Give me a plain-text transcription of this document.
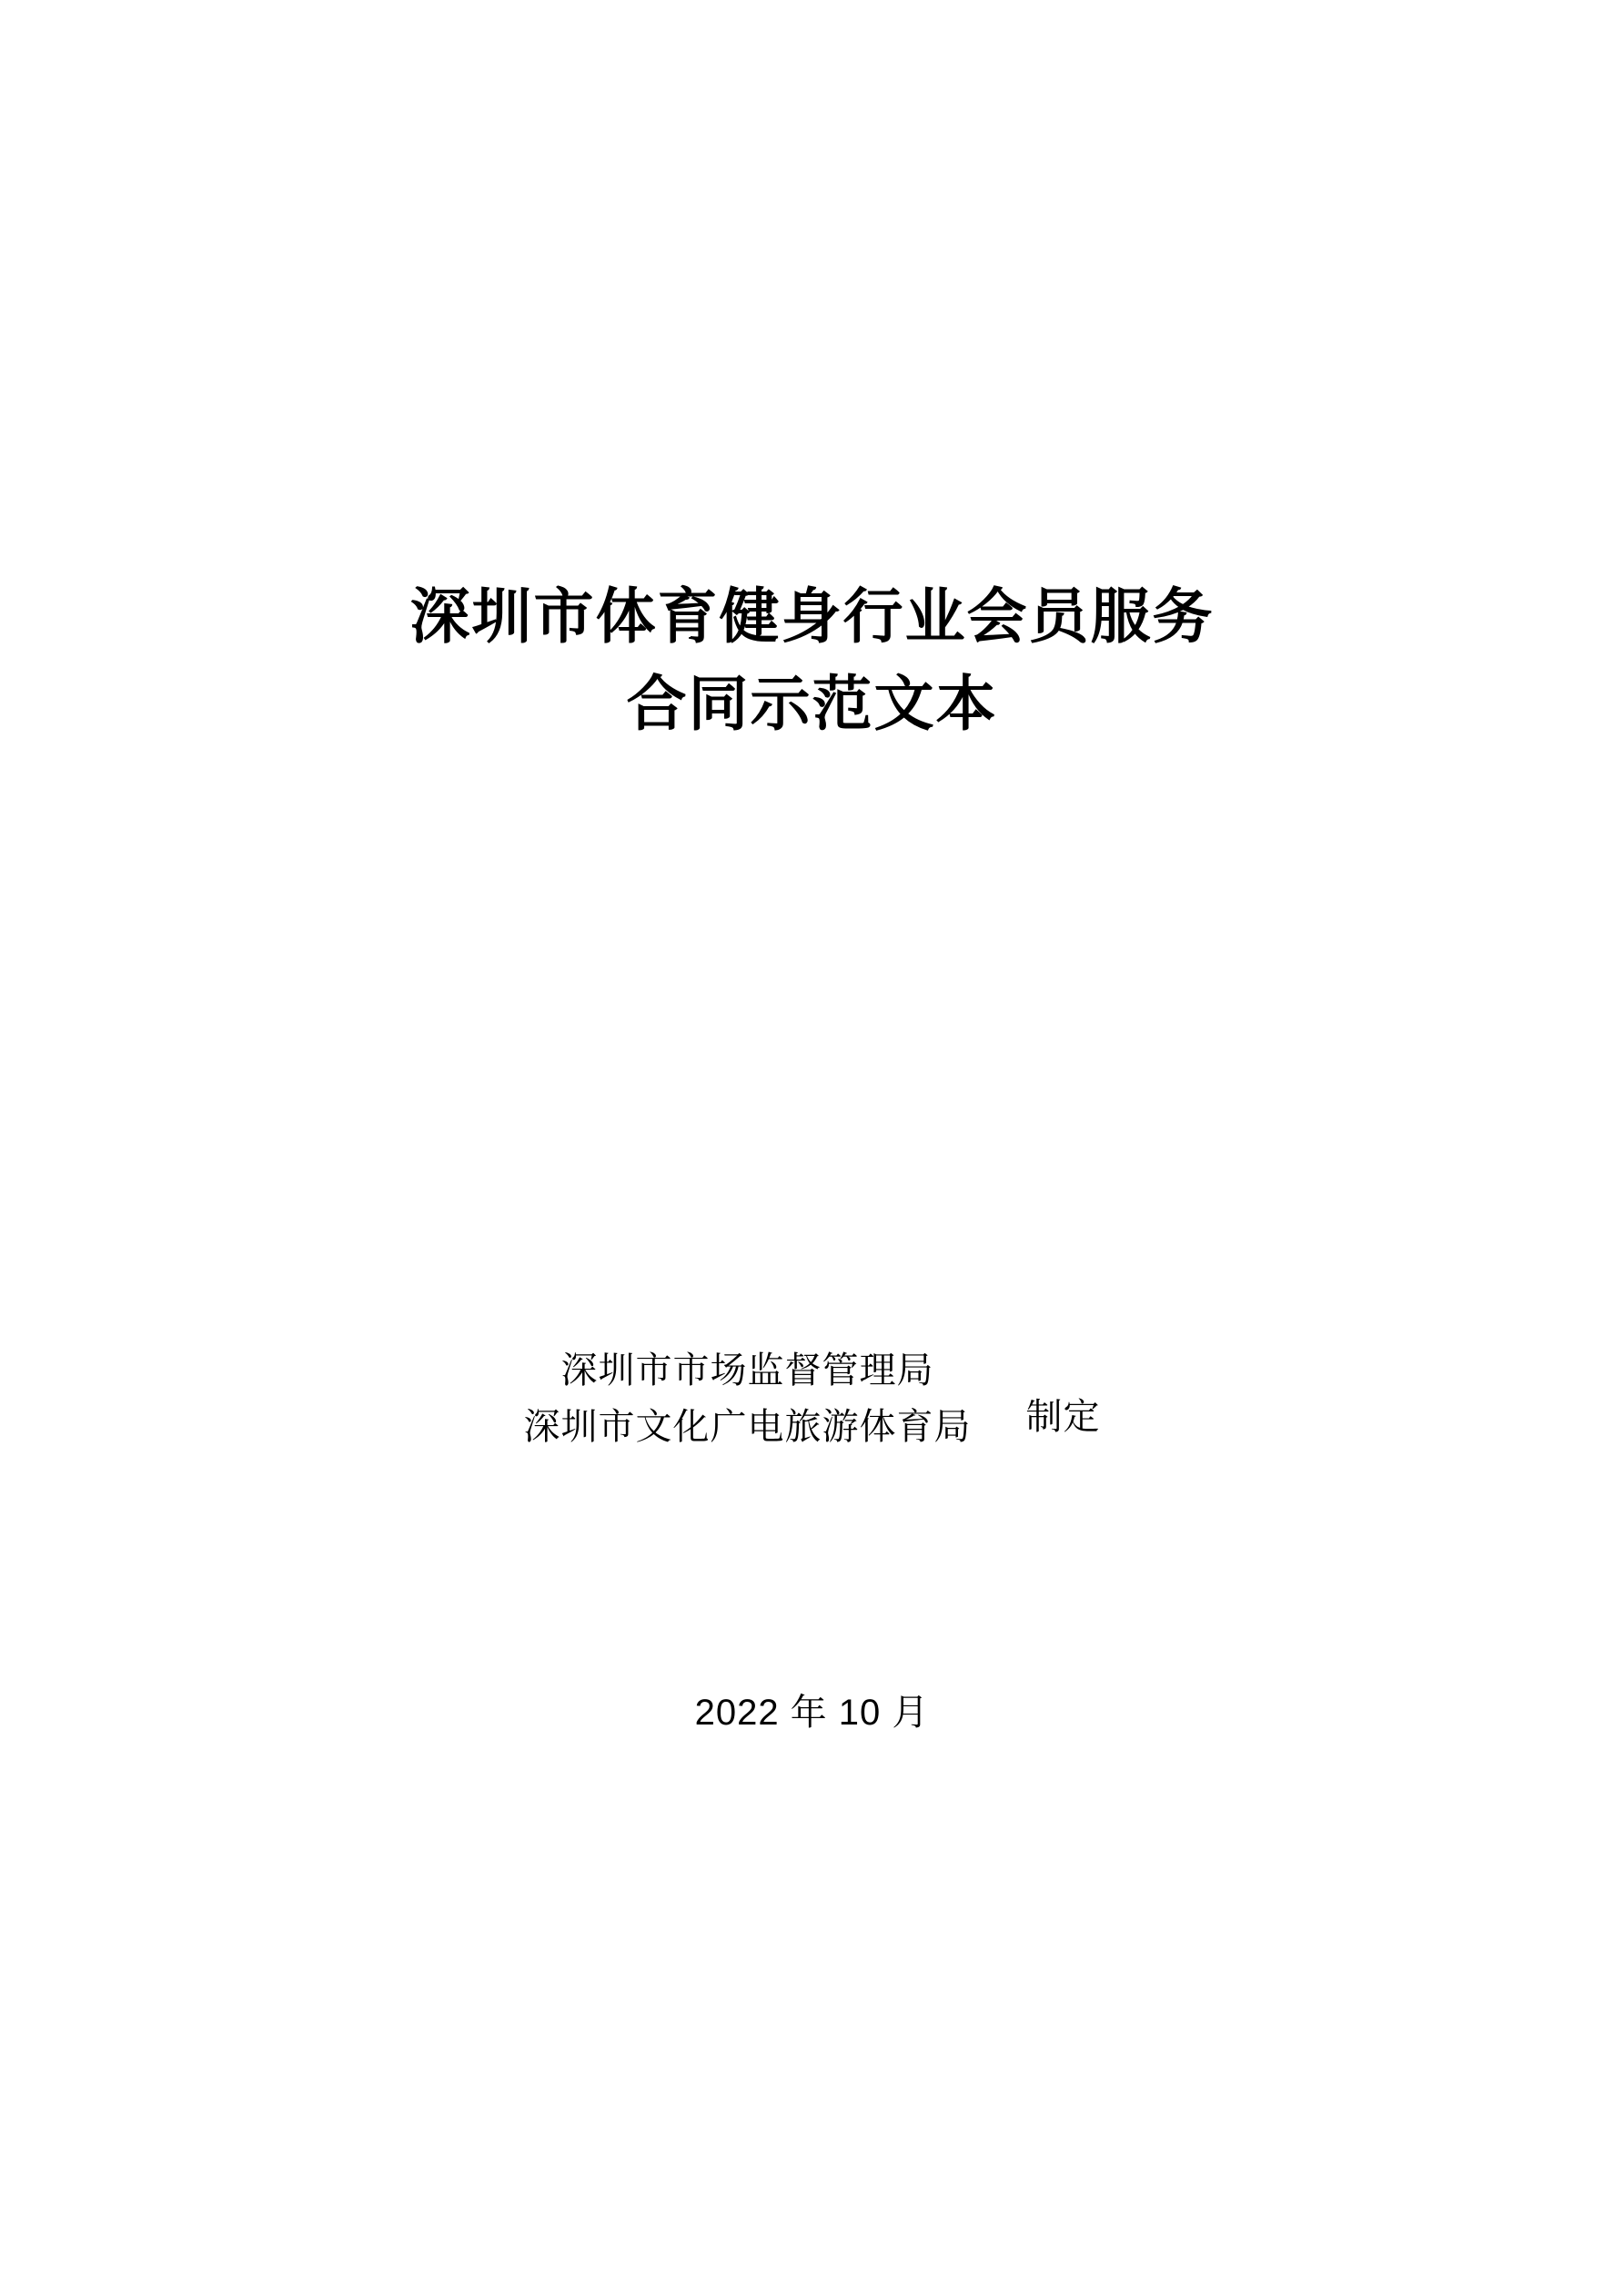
深圳市体育健身行业会员服务
合同示范文本
深圳市市场监督管理局
深圳市文化广电旅游体育局 制定
2022 年 10 月
